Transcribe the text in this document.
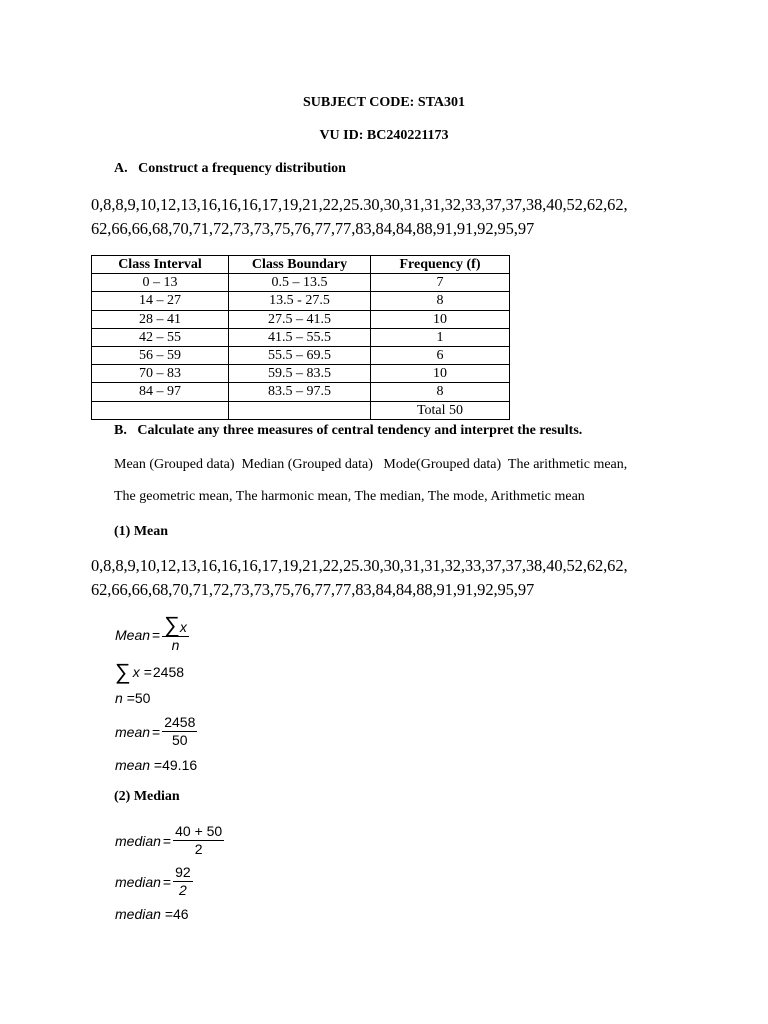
SUBJECT CODE: STA301
VU ID: BC240221173
A.   Construct a frequency distribution
0,8,8,9,10,12,13,16,16,16,17,19,21,22,25.30,30,31,31,32,33,37,37,38,40,52,62,62,
62,66,66,68,70,71,72,73,73,75,76,77,77,83,84,84,88,91,91,92,95,97
Class Interval	Class Boundary	Frequency (f)
0 – 13	0.5 – 13.5	7
14 – 27	13.5 - 27.5	8
28 – 41	27.5 – 41.5	10
42 – 55	41.5 – 55.5	1
56 – 59	55.5 – 69.5	6
70 – 83	59.5 – 83.5	10
84 – 97	83.5 – 97.5	8
		Total 50
B.   Calculate any three measures of central tendency and interpret the results.
Mean (Grouped data)  Median (Grouped data)   Mode(Grouped data)  The arithmetic mean,
The geometric mean, The harmonic mean, The median, The mode, Arithmetic mean
(1) Mean
0,8,8,9,10,12,13,16,16,16,17,19,21,22,25.30,30,31,31,32,33,37,37,38,40,52,62,62,
62,66,66,68,70,71,72,73,73,75,76,77,77,83,84,84,88,91,91,92,95,97
Mean = $\frac{\sum x}{n}$
∑ x = 2458
n =50
mean = $\frac{2458}{50}$
mean =49.16
(2) Median
median = $\frac{40 + 50}{2}$
median = $\frac{92}{2}$
median =46
